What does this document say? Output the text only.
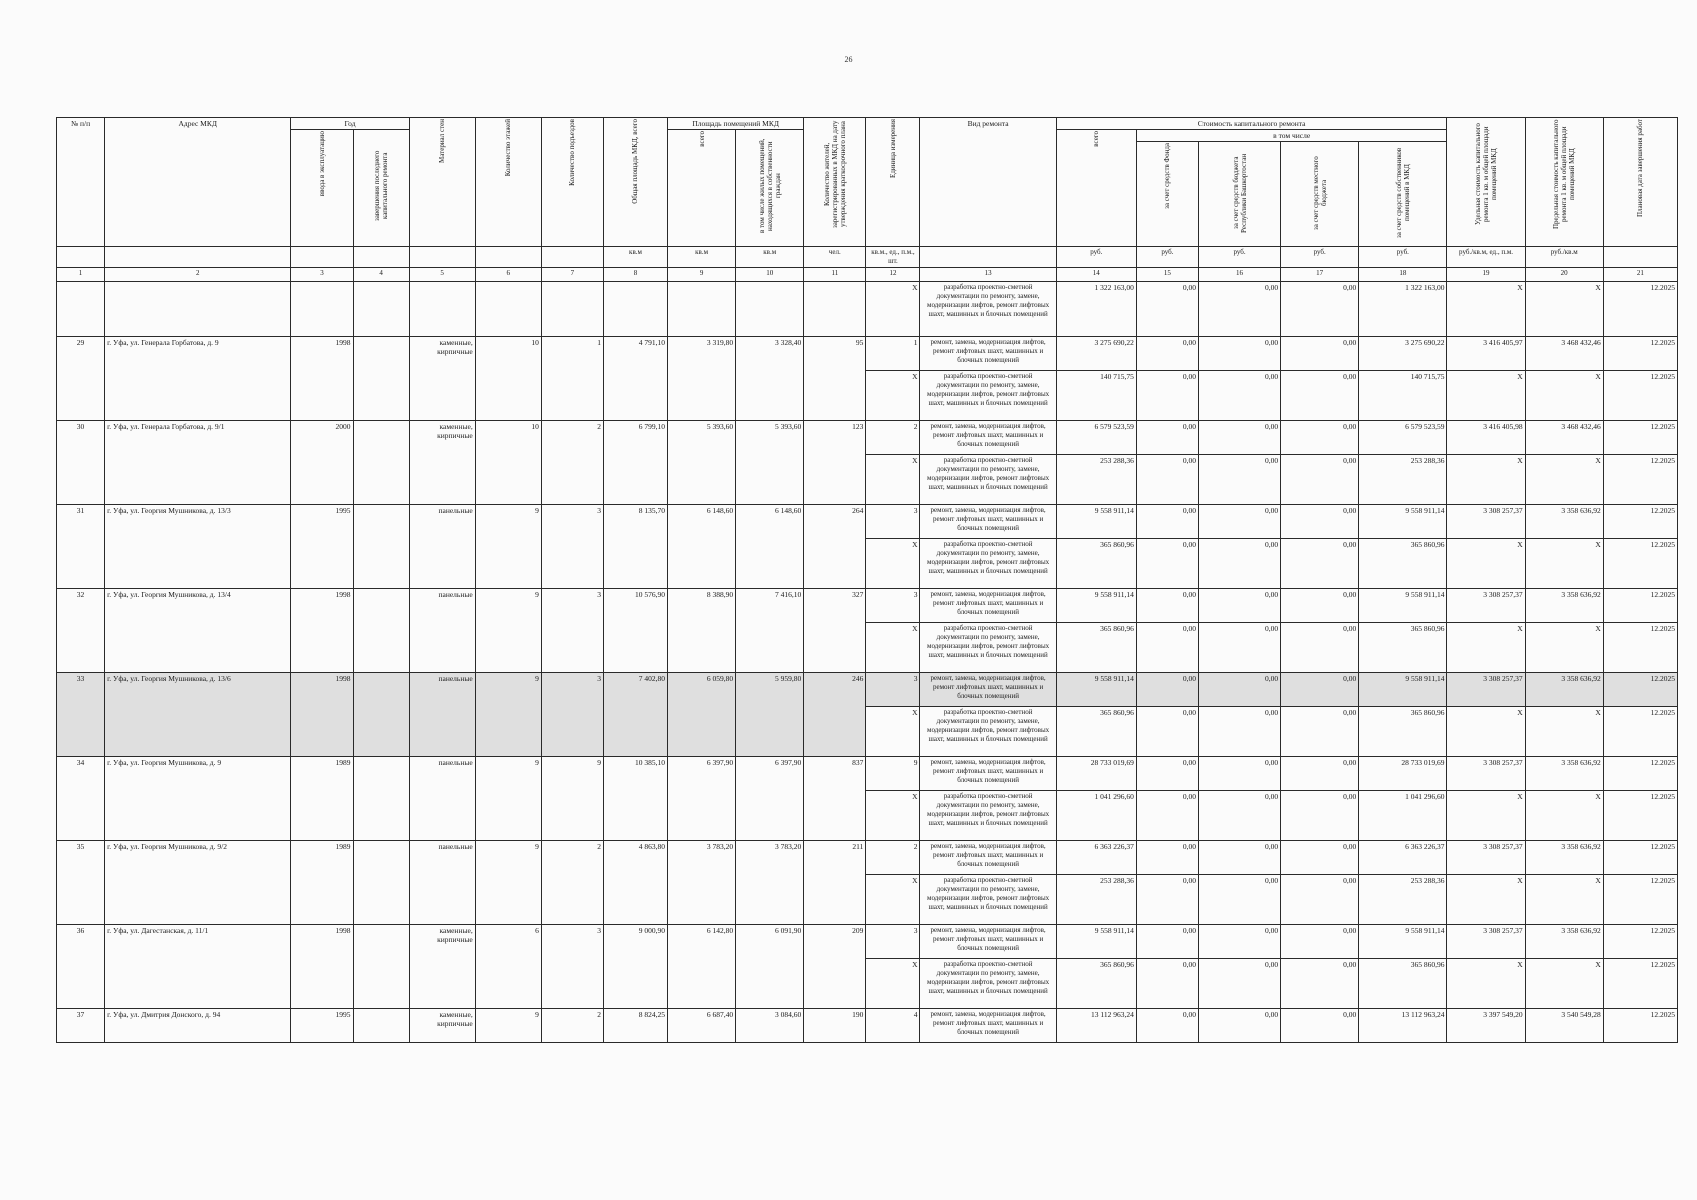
26
№ п/п	Адрес МКД	Год		Материал стен	Количество этажей	Количество подъездов	Общая площадь МКД, всего	Площадь помещений МКД		Количество жителей, зарегистрированных в МКД на дату утверждения краткосрочного плана	Единица измерения	Вид ремонта	Стоимость капитального ремонта					Удельная стоимость капитального ремонта 1 кв. м общей площади помещений МКД	Предельная стоимость капитального ремонта 1 кв. м общей площади помещений МКД	Плановая дата завершения работ
		ввода в эксплуатацию	завершения последнего капитального ремонта					всего	в том числе жилых помещений, находящихся в собственности граждан				всего	в том числе						
														за счет средств Фонда	за счет средств бюджета Республики Башкортостан	за счет средств местного бюджета	за счет средств собственников помещений в МКД			
							кв.м	кв.м	кв.м	чел.	кв.м., ед., п.м., шт.		руб.	руб.	руб.	руб.	руб.	руб./кв.м, ед., п.м.	руб./кв.м	
1	2	3	4	5	6	7	8	9	10	11	12	13	14	15	16	17	18	19	20	21
											X	разработка проектно-сметной документации по ремонту, замене, модернизации лифтов, ремонт лифтовых шахт, машинных и блочных помещений	1 322 163,00	0,00	0,00	0,00	1 322 163,00	X	X	12.2025
29	г. Уфа, ул. Генерала Горбатова, д. 9	1998		каменные, кирпичные	10	1	4 791,10	3 319,80	3 328,40	95	1	ремонт, замена, модернизация лифтов, ремонт лифтовых шахт, машинных и блочных помещений	3 275 690,22	0,00	0,00	0,00	3 275 690,22	3 416 405,97	3 468 432,46	12.2025
											X	разработка проектно-сметной документации по ремонту, замене, модернизации лифтов, ремонт лифтовых шахт, машинных и блочных помещений	140 715,75	0,00	0,00	0,00	140 715,75	X	X	12.2025
30	г. Уфа, ул. Генерала Горбатова, д. 9/1	2000		каменные, кирпичные	10	2	6 799,10	5 393,60	5 393,60	123	2	ремонт, замена, модернизация лифтов, ремонт лифтовых шахт, машинных и блочных помещений	6 579 523,59	0,00	0,00	0,00	6 579 523,59	3 416 405,98	3 468 432,46	12.2025
											X	разработка проектно-сметной документации по ремонту, замене, модернизации лифтов, ремонт лифтовых шахт, машинных и блочных помещений	253 288,36	0,00	0,00	0,00	253 288,36	X	X	12.2025
31	г. Уфа, ул. Георгия Мушникова, д. 13/3	1995		панельные	9	3	8 135,70	6 148,60	6 148,60	264	3	ремонт, замена, модернизация лифтов, ремонт лифтовых шахт, машинных и блочных помещений	9 558 911,14	0,00	0,00	0,00	9 558 911,14	3 308 257,37	3 358 636,92	12.2025
											X	разработка проектно-сметной документации по ремонту, замене, модернизации лифтов, ремонт лифтовых шахт, машинных и блочных помещений	365 860,96	0,00	0,00	0,00	365 860,96	X	X	12.2025
32	г. Уфа, ул. Георгия Мушникова, д. 13/4	1998		панельные	9	3	10 576,90	8 388,90	7 416,10	327	3	ремонт, замена, модернизация лифтов, ремонт лифтовых шахт, машинных и блочных помещений	9 558 911,14	0,00	0,00	0,00	9 558 911,14	3 308 257,37	3 358 636,92	12.2025
											X	разработка проектно-сметной документации по ремонту, замене, модернизации лифтов, ремонт лифтовых шахт, машинных и блочных помещений	365 860,96	0,00	0,00	0,00	365 860,96	X	X	12.2025
33	г. Уфа, ул. Георгия Мушникова, д. 13/6	1998		панельные	9	3	7 402,80	6 059,80	5 959,80	246	3	ремонт, замена, модернизация лифтов, ремонт лифтовых шахт, машинных и блочных помещений	9 558 911,14	0,00	0,00	0,00	9 558 911,14	3 308 257,37	3 358 636,92	12.2025
											X	разработка проектно-сметной документации по ремонту, замене, модернизации лифтов, ремонт лифтовых шахт, машинных и блочных помещений	365 860,96	0,00	0,00	0,00	365 860,96	X	X	12.2025
34	г. Уфа, ул. Георгия Мушникова, д. 9	1989		панельные	9	9	10 385,10	6 397,90	6 397,90	837	9	ремонт, замена, модернизация лифтов, ремонт лифтовых шахт, машинных и блочных помещений	28 733 019,69	0,00	0,00	0,00	28 733 019,69	3 308 257,37	3 358 636,92	12.2025
											X	разработка проектно-сметной документации по ремонту, замене, модернизации лифтов, ремонт лифтовых шахт, машинных и блочных помещений	1 041 296,60	0,00	0,00	0,00	1 041 296,60	X	X	12.2025
35	г. Уфа, ул. Георгия Мушникова, д. 9/2	1989		панельные	9	2	4 863,80	3 783,20	3 783,20	211	2	ремонт, замена, модернизация лифтов, ремонт лифтовых шахт, машинных и блочных помещений	6 363 226,37	0,00	0,00	0,00	6 363 226,37	3 308 257,37	3 358 636,92	12.2025
											X	разработка проектно-сметной документации по ремонту, замене, модернизации лифтов, ремонт лифтовых шахт, машинных и блочных помещений	253 288,36	0,00	0,00	0,00	253 288,36	X	X	12.2025
36	г. Уфа, ул. Дагестанская, д. 11/1	1998		каменные, кирпичные	6	3	9 000,90	6 142,80	6 091,90	209	3	ремонт, замена, модернизация лифтов, ремонт лифтовых шахт, машинных и блочных помещений	9 558 911,14	0,00	0,00	0,00	9 558 911,14	3 308 257,37	3 358 636,92	12.2025
											X	разработка проектно-сметной документации по ремонту, замене, модернизации лифтов, ремонт лифтовых шахт, машинных и блочных помещений	365 860,96	0,00	0,00	0,00	365 860,96	X	X	12.2025
37	г. Уфа, ул. Дмитрия Донского, д. 94	1995		каменные, кирпичные	9	2	8 824,25	6 687,40	3 084,60	190	4	ремонт, замена, модернизация лифтов, ремонт лифтовых шахт, машинных и блочных помещений	13 112 963,24	0,00	0,00	0,00	13 112 963,24	3 397 549,20	3 540 549,28	12.2025
